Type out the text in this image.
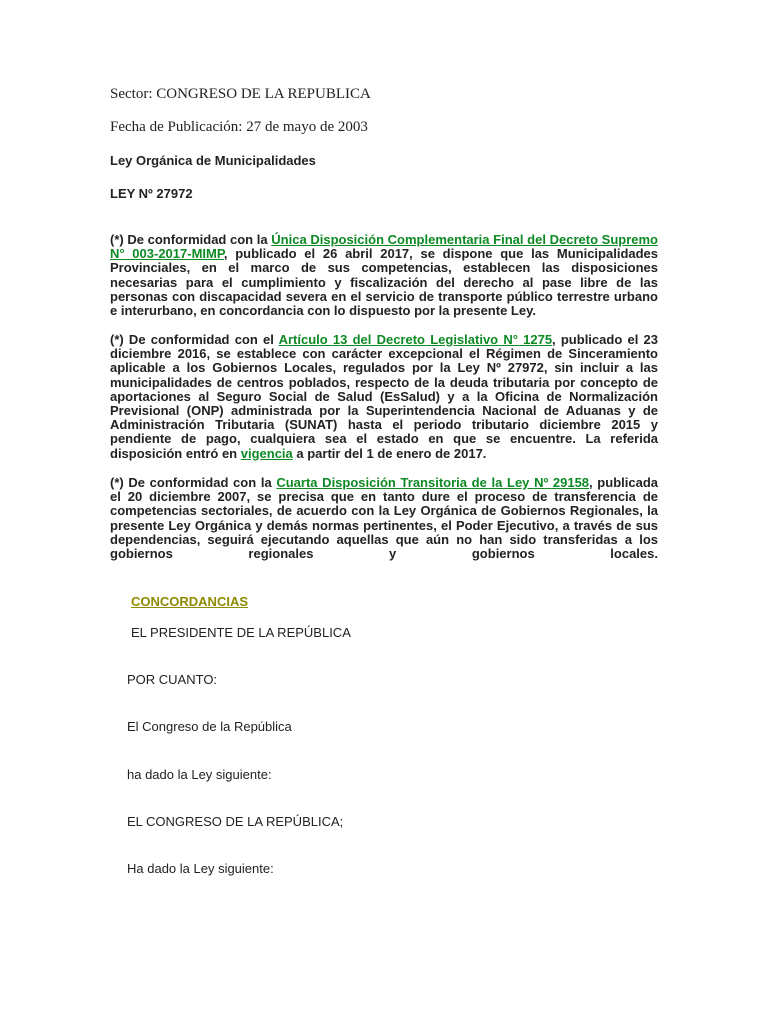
Sector: CONGRESO DE LA REPUBLICA
Fecha de Publicación: 27 de mayo de 2003
Ley Orgánica de Municipalidades
LEY Nº 27972
(*) De conformidad con la Única Disposición Complementaria Final del Decreto Supremo N° 003-2017-MIMP, publicado el 26 abril 2017, se dispone que las Municipalidades Provinciales, en el marco de sus competencias, establecen las disposiciones necesarias para el cumplimiento y fiscalización del derecho al pase libre de las personas con discapacidad severa en el servicio de transporte público terrestre urbano e interurbano, en concordancia con lo dispuesto por la presente Ley.
(*) De conformidad con el Artículo 13 del Decreto Legislativo N° 1275, publicado el 23 diciembre 2016, se establece con carácter excepcional el Régimen de Sinceramiento aplicable a los Gobiernos Locales, regulados por la Ley Nº 27972, sin incluir a las municipalidades de centros poblados, respecto de la deuda tributaria por concepto de aportaciones al Seguro Social de Salud (EsSalud) y a la Oficina de Normalización Previsional (ONP) administrada por la Superintendencia Nacional de Aduanas y de Administración Tributaria (SUNAT) hasta el periodo tributario diciembre 2015 y pendiente de pago, cualquiera sea el estado en que se encuentre. La referida disposición entró en vigencia a partir del 1 de enero de 2017.
(*) De conformidad con la Cuarta Disposición Transitoria de la Ley Nº 29158, publicada el 20 diciembre 2007, se precisa que en tanto dure el proceso de transferencia de competencias sectoriales, de acuerdo con la Ley Orgánica de Gobiernos Regionales, la presente Ley Orgánica y demás normas pertinentes, el Poder Ejecutivo, a través de sus dependencias, seguirá ejecutando aquellas que aún no han sido transferidas a los gobiernos regionales y gobiernos locales.
CONCORDANCIAS
EL PRESIDENTE DE LA REPÚBLICA
POR CUANTO:
El Congreso de la República
ha dado la Ley siguiente:
EL CONGRESO DE LA REPÚBLICA;
Ha dado la Ley siguiente:
